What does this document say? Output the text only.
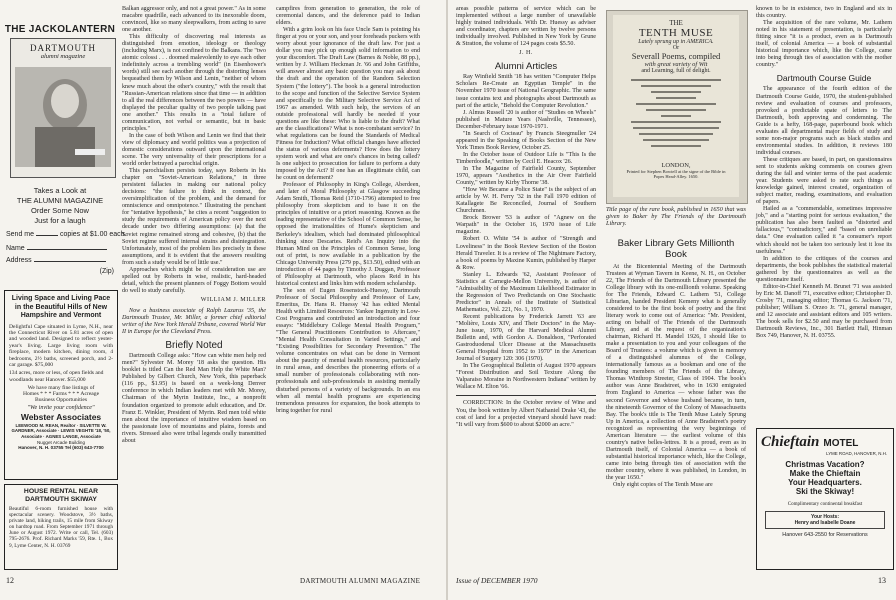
THE JACKOLANTERN
DARTMOUTH
alumni magazine
Takes a Look at
THE ALUMNI MAGAZINE
Order Some Now
Just for a laugh
Send me	copies at $1.00 each.
Name
Address
(Zip)
Living Space and Living Pace in the Beautiful Hills of New Hampshire and Vermont
Delightful Cape situated in Lyme, N.H., near the Connecticut River on 5.81 acres of open and wooded land. Designed to reflect yester-year's living. Large living room with fireplace, modern kitchen, dining room, 4 bedrooms, 2½ baths, screened porch, and 2-car garage. $75,000
134 acres, more or less, of open fields and woodlands near Hanover. $55,000
We have many fine listings of
Homes * * * Farms * * * Acreage
Business Opportunities
"We invite your confidence"
Webster Associates
LEEWOOD M. REAN, Realtor · SILVETTE W. GARDNER, Associate · LEWIS VEGHTE '18, '50, Associate · AGNES LANGE, Associate
Nugget Arcade Building
Hanover, N. H. 03755 Tel (603) 643-7700
HOUSE RENTAL NEAR DARTMOUTH SKIWAY
Beautiful 6-room furnished house with spectacular scenery. Woodstove, 3½ baths, private land, hiking trails, 15 mile from Skiway on hardtop road. From September 1971 through June or August 1972. Write or call, Tel. (603) 795-2676. Prof. Richard Marks '59, Rte. 1, Box 9, Lyme Center, N. H. 03769

Balkan aggressor only, and not a great power." As in some macabre quadrille, each advanced to its inexorable doom, convinced, like so many sleepwalkers, from acting to save one another.

This difficulty of discovering real interests as distinguished from emotion, ideology or theology (including Marx), is not confined to the Balkans. The "two atomic colossi . . . doomed malevolently to eye each other indefinitely across a trembling world" (in Eisenhower's words) still see each another through the distorting lenses bequeathed them by Wilson and Lenin, "neither of whom knew much about the other's country," with the result that "Russian-American relations since that time — in addition to all the real differences between the two powers — have displayed the peculiar quality of two people talking past one another." This results in a "total failure of communication, not verbal or semantic, but in basic principles."

In the case of both Wilson and Lenin we find that their view of diplomacy and world politics was a projection of domestic considerations outward upon the international scene. The very universality of their prescriptions for a world order betrayed a parochial origin.

This parochialism persists today, says Roberts in his chapter on "Soviet-American Relations," in three persistent fallacies in making our national policy decisions: "the failure to think in context, the oversimplification of the problem, and the demand for omniscience and omnipotence." Illustrating the penchant for "tentative hypothesis," he cites a recent "suggestion to study the requirements of American policy over the next decade under two differing assumptions: (a) that the Soviet regime remained strong and cohesive, (b) that the Soviet regime suffered internal strains and disintegration. Unfortunately, most of the problem lies precisely in these assumptions, and it is evident that the answers resulting from such a study would be of little use."

Approaches which might be of consideration use are spelled out by Roberts in wise, realistic, hard-headed detail, which the present planners of Foggy Bottom would do well to study carefully.

WILLIAM J. MILLER

Now a business associate of Ralph Lazarus '35, the Dartmouth Trustee, Mr. Miller, a former chief editorial writer of the New York Herald Tribune, covered World War II in Europe for the Cleveland Press.

Briefly Noted

Dartmouth College asks: "How can white men help red men?" Sylvester M. Morey '18 asks the question. His booklet is titled Can the Red Man Help the White Man? Published by Gilbert Church, New York, this paperback (116 pp., $1.95) is based on a week-long Denver conference in which Indian leaders met with Mr. Morey, Chairman of the Myrin Institute, Inc., a nonprofit foundation organized to promote adult education, and Dr. Franz E. Winkler, President of Myrin. Red men told white men about the importance of intuitive wisdom based on the passionate love of mountains and plains, forests and rivers. Stressed also were tribal legends orally transmitted about

campfires from generation to generation, the role of ceremonial dances, and the deference paid to Indian elders.

With a grim look on his face Uncle Sam is pointing his finger at you or your son, and your foreheads puckers with worry about your ignorance of the draft law. For just a dollar you may pick up enough solid information to end your discomfort. The Draft Law (Barnes & Noble, 88 pp.), written by J. William Heckman Jr. '66 and John Griffiths, will answer almost any basic question you may ask about the draft and the operation of the Random Selection System ("the lottery"). The book is a general introduction to the scope and function of the Selective Service System and specifically to the Military Selective Service Act of 1967 as amended. With such help, the services of an outside professional will hardly be needed if your questions are like these: Who is liable to the draft? What are the classifications? What is non-combatant service? In what regulations can be found the Standards of Medical Fitness for Induction? What official changes have affected the status of various deferments? How does the lottery system work and what are one's chances in being called? Is one subject to prosecution for failure to perform a duty imposed by the Act? If one has an illegitimate child, can he count on deferment?

Professor of Philosophy in King's College, Aberdeen, and later of Moral Philosophy at Glasgow succeeding Adam Smith, Thomas Reid (1710-1796) attempted to free philosophy from skepticism and to base it on the principles of intuitive or a priori reasoning. Known as the leading representative of the School of Common Sense, he opposed the irrationalities of Hume's skepticism and Berkeley's idealism, which had dominated philosophical thinking since Descartes. Reid's An Inquiry into the Human Mind on the Principles of Common Sense, long out of print, is now available in a publication by the Chicago University Press (279 pp., $13.50), edited with an introduction of 44 pages by Timothy J. Duggan, Professor of Philosophy at Dartmouth, who places Reid in his historical context and links him with modern scholarship.

The son of Eugen Rosenstock-Huessy, Dartmouth Professor of Social Philosophy and Professor of Law, Emeritus, Dr. Hans R. Huessy '42 has edited Mental Health with Limited Resources: Yankee Ingenuity in Low-Cost Programs and contributed an introduction and four essays: "Middlebury College Mental Health Program," "The General Practitioners Contribution to Aftercare," "Mental Health Consultation in Varied Settings," and "Existing Possibilities for Secondary Prevention." The volume concentrates on what can be done in Vermont about the paucity of mental health resources, particularly in rural areas, and describes the pioneering efforts of a small number of professionals collaborating with non-professionals and sub-professionals in assisting mentally disturbed persons of a variety of backgrounds. In an era when all mental health programs are experiencing tremendous pressures for expansion, the book attempts to bring together for rural

12	DARTMOUTH ALUMNI MAGAZINE

areas possible patterns of service which can be implemented without a large number of unavailable highly trained individuals. With Dr. Huessy as adviser and coordinator, chapters are written by twelve persons individually involved. Published in New York by Grune & Stratton, the volume of 124 pages costs $5.50.

J. H.
Alumni Articles

Ray Winfield Smith '18 has written "Computer Helps Scholars Re-Create an Egyptian Temple" in the November 1970 issue of National Geographic. The same issue contains text and photographs about Dartmouth as part of the article, "Behold the Computer Revolution."

J. Almus Russell '20 is author of "Studies on Wheels" published in Mature Years (Nashville, Tennessee), December-February issue 1970-1971.

"In Search of Cocteau" by Francis Steegmuller '24 appeared in the Speaking of Books Section of the New York Times Book Review, October 25.

In the October issue of Outdoor Life is "This Is the Timberdoodle," written by Cecil E. Heacox '26.

In The Magazine of Fairfield County, September 1970, appears "Aesthetics in the Air Over Fairfield County," written by Kirby Thorne '38.

"How We Became a Police State" is the subject of an article by W. H. Ferry '32 in the Fall 1970 edition of Katallagete Be Reconciled, Journal of Southern Churchmen.

Brock Brower '53 is author of "Agnew on the Warpath" in the October 16, 1970 issue of Life magazine.

Robert O. White '54 is author of "Strength and Loveliness" in the Book Review Section of the Boston Herald Traveler. It is a review of The Nightmare Factory, a book of poems by Maxine Kumin, published by Harper & Row.

Stanley L. Edwards '62, Assistant Professor of Statistics at Carnegie-Mellon University, is author of "Admissibility of the Maximum Likelihood Estimator in the Regression of Two Predictands on One Stochastic Predictor" in Annals of the Institute of Statistical Mathematics, Vol. 221, No. 1, 1970.

Recent publications by Frederick Jarrett '63 are "Molière, Louis XIV, and Their Doctors" in the May-June issue, 1970, of the Harvard Medical Alumni Bulletin and, with Gordon A. Donaldson, "Perforated Gastroduodenal Ulcer Disease at the Massachusetts General Hospital from 1952 to 1970" in the American Journal of Surgery 120: 306 (1970).

In The Geographical Bulletin of August 1970 appears "Forest Distribution and Soil Texture Along the Valparaiso Moraine in Northwestern Indiana" written by Wallace M. Elton '66.

CORRECTION: In the October review of Wine and You, the book written by Albert Nathaniel Drake '43, the cost of land for a projected vineyard should have read: "It will vary from $600 to about $2000 an acre."

THE
TENTH MUSE
Lately sprung up in AMERICA.
Or
Severall Poems, compiled
with great variety of Wit
and Learning, full of delight.
LONDON,
Printed for Stephen Bowtell at the signe of the Bible in Popes Head-Alley. 1650.

Title page of the rare book, published in 1650 that was given to Baker by The Friends of the Dartmouth Library.

Baker Library Gets Millionth Book

At the Bicentennial Meeting of the Dartmouth Trustees at Wyman Tavern in Keene, N. H., on October 22, The Friends of the Dartmouth Library presented the College library with its one-millionth volume. Speaking for The Friends, Edward C. Lathem '51, College Librarian, handed President Kemeny what is generally considered to be the first book of poetry and the first literary work to come out of America: "Mr. President, acting on behalf of The Friends of the Dartmouth Library, and at the request of the organization's chairman, Richard H. Mandel 1926, I should like to make a presentation to you and your colleagues of the Board of Trustees: a volume which is given in memory of a distinguished alumnus of the College, internationally famous as a bookman and one of the founding members of The Friends of the Library, Thomas Winthrop Streeter, Class of 1904. The book's author was Anne Bradstreet, who in 1630 emigrated from England to America — whose father was the second Governor and whose husband became, in turn, the nineteenth Governor of the Colony of Massachusetts Bay. The book's title is The Tenth Muse Lately Sprung Up in America, a collection of Anne Bradstreet's poetry recognized as representing the very beginnings of American literature — the earliest volume of this country's native belles-lettres. It is a proud, even as in Dartmouth itself, of Colonial America — a book of substantial historical importance which, like the College, came into being through ties of association with the mother country, where it was published, in London, in the year 1650."

Only eight copies of The Tenth Muse are

known to be in existence, two in England and six in this country.

The acquisition of the rare volume, Mr. Lathem noted in his statement of presentation, is particularly fitting since "it is a product, even as is Dartmouth itself, of colonial America — a book of substantial historical importance which, like the College, came into being through ties of association with the mother country."

Dartmouth Course Guide

The appearance of the fourth edition of the Dartmouth Course Guide, 1970, the student-published review and evaluation of courses and professors, provoked a predictable spate of letters to The Dartmouth, both approving and condemning. The Guide is a hefty, 168-page, paperbound book which evaluates all departmental major fields of study and some non-major programs such as black studies and environmental studies. In addition, it reviews 180 individual courses.

These critiques are based, in part, on questionnaires sent to students asking comments on courses given during the fall and winter terms of the past academic year. Students were asked to rate such things as knowledge gained, interest created, organization of subject matter, reading, examinations, and evaluation of papers.

Hailed as a "commendable, sometimes impressive job," and a "starting point for serious evaluation," the publication has also been faulted as "distorted and fallacious," "contradictory," and "based on unreliable data." One evaluation called it "a consumer's report which should not be taken too seriously lest it lose its usefulness."

In addition to the critiques of the courses and departments, the book publishes the statistical material gathered by the questionnaires as well as the questionnaire itself.

Editor-in-Chief Kenneth M. Brunet '71 was assisted by Eric M. Danoff '71, executive editor; Christopher D. Crosby '71, managing editor; Thomas G. Jackson '71, publisher; William S. Orzeo Jr. '71, general manager, and 12 associate and assistant editors and 105 writers. The book sells for $2.50 and may be purchased from Dartmouth Reviews, Inc., 301 Bartlett Hall, Hinman Box 749, Hanover, N. H. 03755.

Chieftain MOTEL
LYME ROAD, HANOVER, N.H.
Christmas Vacation?
Make the Chieftain
Your Headquarters.
Ski the Skiway!
Complimentary continental breakfast
Your Hosts:
Henry and Isabelle Doane
Hanover 643-2550 for Reservations
Issue of DECEMBER 1970	13
